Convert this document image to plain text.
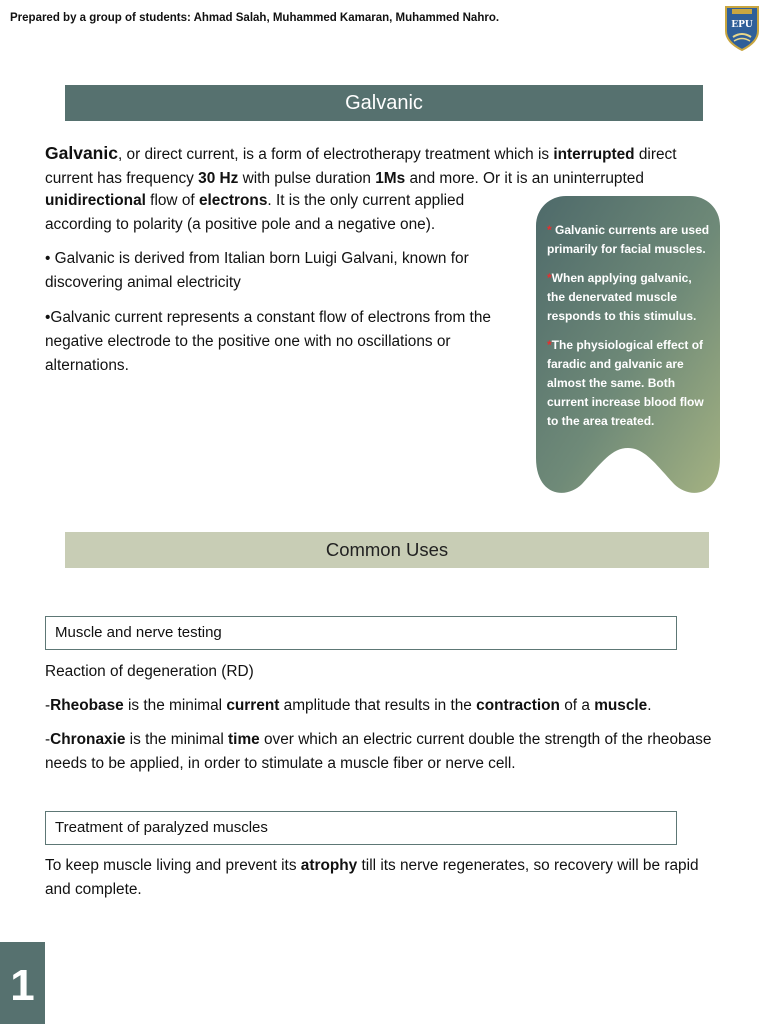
Prepared by a group of students: Ahmad Salah, Muhammed Kamaran, Muhammed Nahro.
EPU
Galvanic
Galvanic, or direct current, is a form of electrotherapy treatment which is interrupted direct current has frequency 30 Hz with pulse duration 1Ms and more. Or it is an uninterrupted
unidirectional flow of electrons. It is the only current applied according to polarity (a positive pole and a negative one).
• Galvanic is derived from Italian born Luigi Galvani, known for discovering animal electricity
•Galvanic current represents a constant flow of electrons from the negative electrode to the positive one with no oscillations or alternations.

* Galvanic currents are used primarily for facial muscles.

*When applying galvanic, the denervated muscle responds to this stimulus.

*The physiological effect of faradic and galvanic are almost the same. Both current increase blood flow to the area treated.

Common Uses
Muscle and nerve testing
Reaction of degeneration (RD)
-Rheobase is the minimal current amplitude that results in the contraction of a muscle.
-Chronaxie is the minimal time over which an electric current double the strength of the rheobase needs to be applied, in order to stimulate a muscle fiber or nerve cell.
Treatment of paralyzed muscles
To keep muscle living and prevent its atrophy till its nerve regenerates, so recovery will be rapid and complete.
1
